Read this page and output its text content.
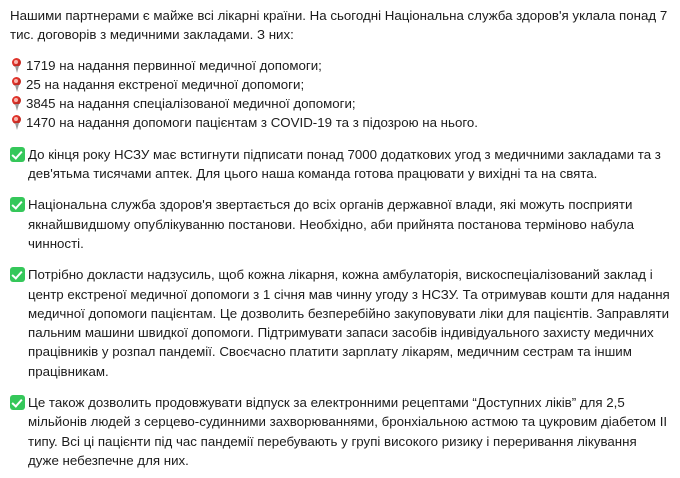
Нашими партнерами є майже всі лікарні країни. На сьогодні Національна служба здоров'я уклала понад 7 тис. договорів з медичними закладами. З них:

1719 на надання первинної медичної допомоги;
25 на надання екстреної медичної допомоги;
3845 на надання спеціалізованої медичної допомоги;
1470 на надання допомоги пацієнтам з COVID-19 та з підозрою на нього.
До кінця року НСЗУ має встигнути підписати понад 7000 додаткових угод з медичними закладами та з дев'ятьма тисячами аптек. Для цього наша команда готова працювати у вихідні та на свята.
Національна служба здоров'я звертається до всіх органів державної влади, які можуть посприяти якнайшвидшому опублікуванню постанови. Необхідно, аби прийнята постанова терміново набула чинності.
Потрібно докласти надзусиль, щоб кожна лікарня, кожна амбулаторія, вискоспеціалізований заклад і центр екстреної медичної допомоги з 1 січня мав чинну угоду з НСЗУ. Та отримував кошти для надання медичної допомоги пацієнтам. Це дозволить безперебійно закуповувати ліки для пацієнтів. Заправляти пальним машини швидкої допомоги. Підтримувати запаси засобів індивідуального захисту медичних працівників у розпал пандемії. Своєчасно платити зарплату лікарям, медичним сестрам та іншим працівникам.
Це також дозволить продовжувати відпуск за електронними рецептами “Доступних ліків” для 2,5 мільйонів людей з серцево-судинними захворюваннями, бронхіальною астмою та цукровим діабетом II типу. Всі ці пацієнти під час пандемії перебувають у групі високого ризику і переривання лікування дуже небезпечне для них.
